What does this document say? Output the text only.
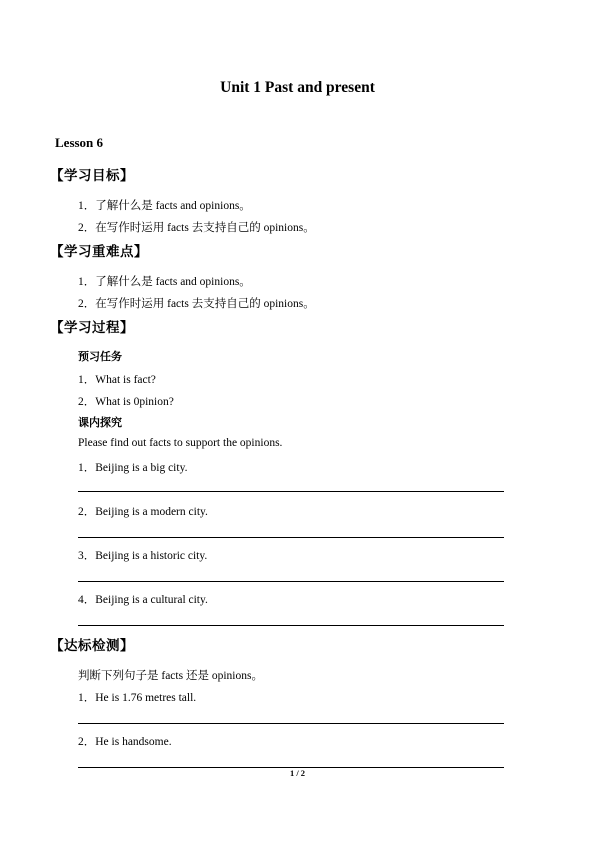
Unit 1 Past and present
Lesson 6
【学习目标】
1．了解什么是 facts and opinions。
2．在写作时运用 facts 去支持自己的 opinions。
【学习重难点】
1．了解什么是 facts and opinions。
2．在写作时运用 facts 去支持自己的 opinions。
【学习过程】
预习任务
1．What is fact?
2．What is 0pinion?
课内探究
Please find out facts to support the opinions.
1．Beijing is a big city.
2．Beijing is a modern city.
3．Beijing is a historic city.
4．Beijing is a cultural city.
【达标检测】
判断下列句子是 facts 还是 opinions。
1．He is 1.76 metres tall.
2．He is handsome.
1 / 2
